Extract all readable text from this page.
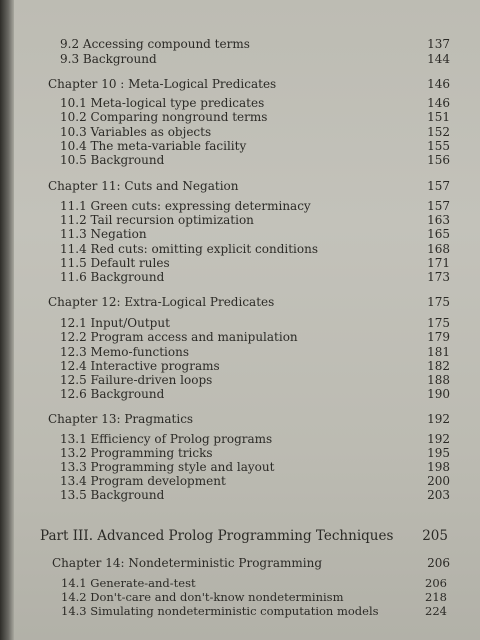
9.2 Accessing compound terms	137
9.3 Background	144
Chapter 10 : Meta-Logical Predicates	146
10.1 Meta-logical type predicates	146
10.2 Comparing nonground terms	151
10.3 Variables as objects	152
10.4 The meta-variable facility	155
10.5 Background	156
Chapter 11: Cuts and Negation	157
11.1 Green cuts: expressing determinacy	157
11.2 Tail recursion optimization	163
11.3 Negation	165
11.4 Red cuts: omitting explicit conditions	168
11.5 Default rules	171
11.6 Background	173
Chapter 12: Extra-Logical Predicates	175
12.1 Input/Output	175
12.2 Program access and manipulation	179
12.3 Memo-functions	181
12.4 Interactive programs	182
12.5 Failure-driven loops	188
12.6 Background	190
Chapter 13: Pragmatics	192
13.1 Efficiency of Prolog programs	192
13.2 Programming tricks	195
13.3 Programming style and layout	198
13.4 Program development	200
13.5 Background	203
Part III. Advanced Prolog Programming Techniques 205
Chapter 14: Nondeterministic Programming	206
14.1 Generate-and-test	206
14.2 Don't-care and don't-know nondeterminism	218
14.3 Simulating nondeterministic computation models	224
